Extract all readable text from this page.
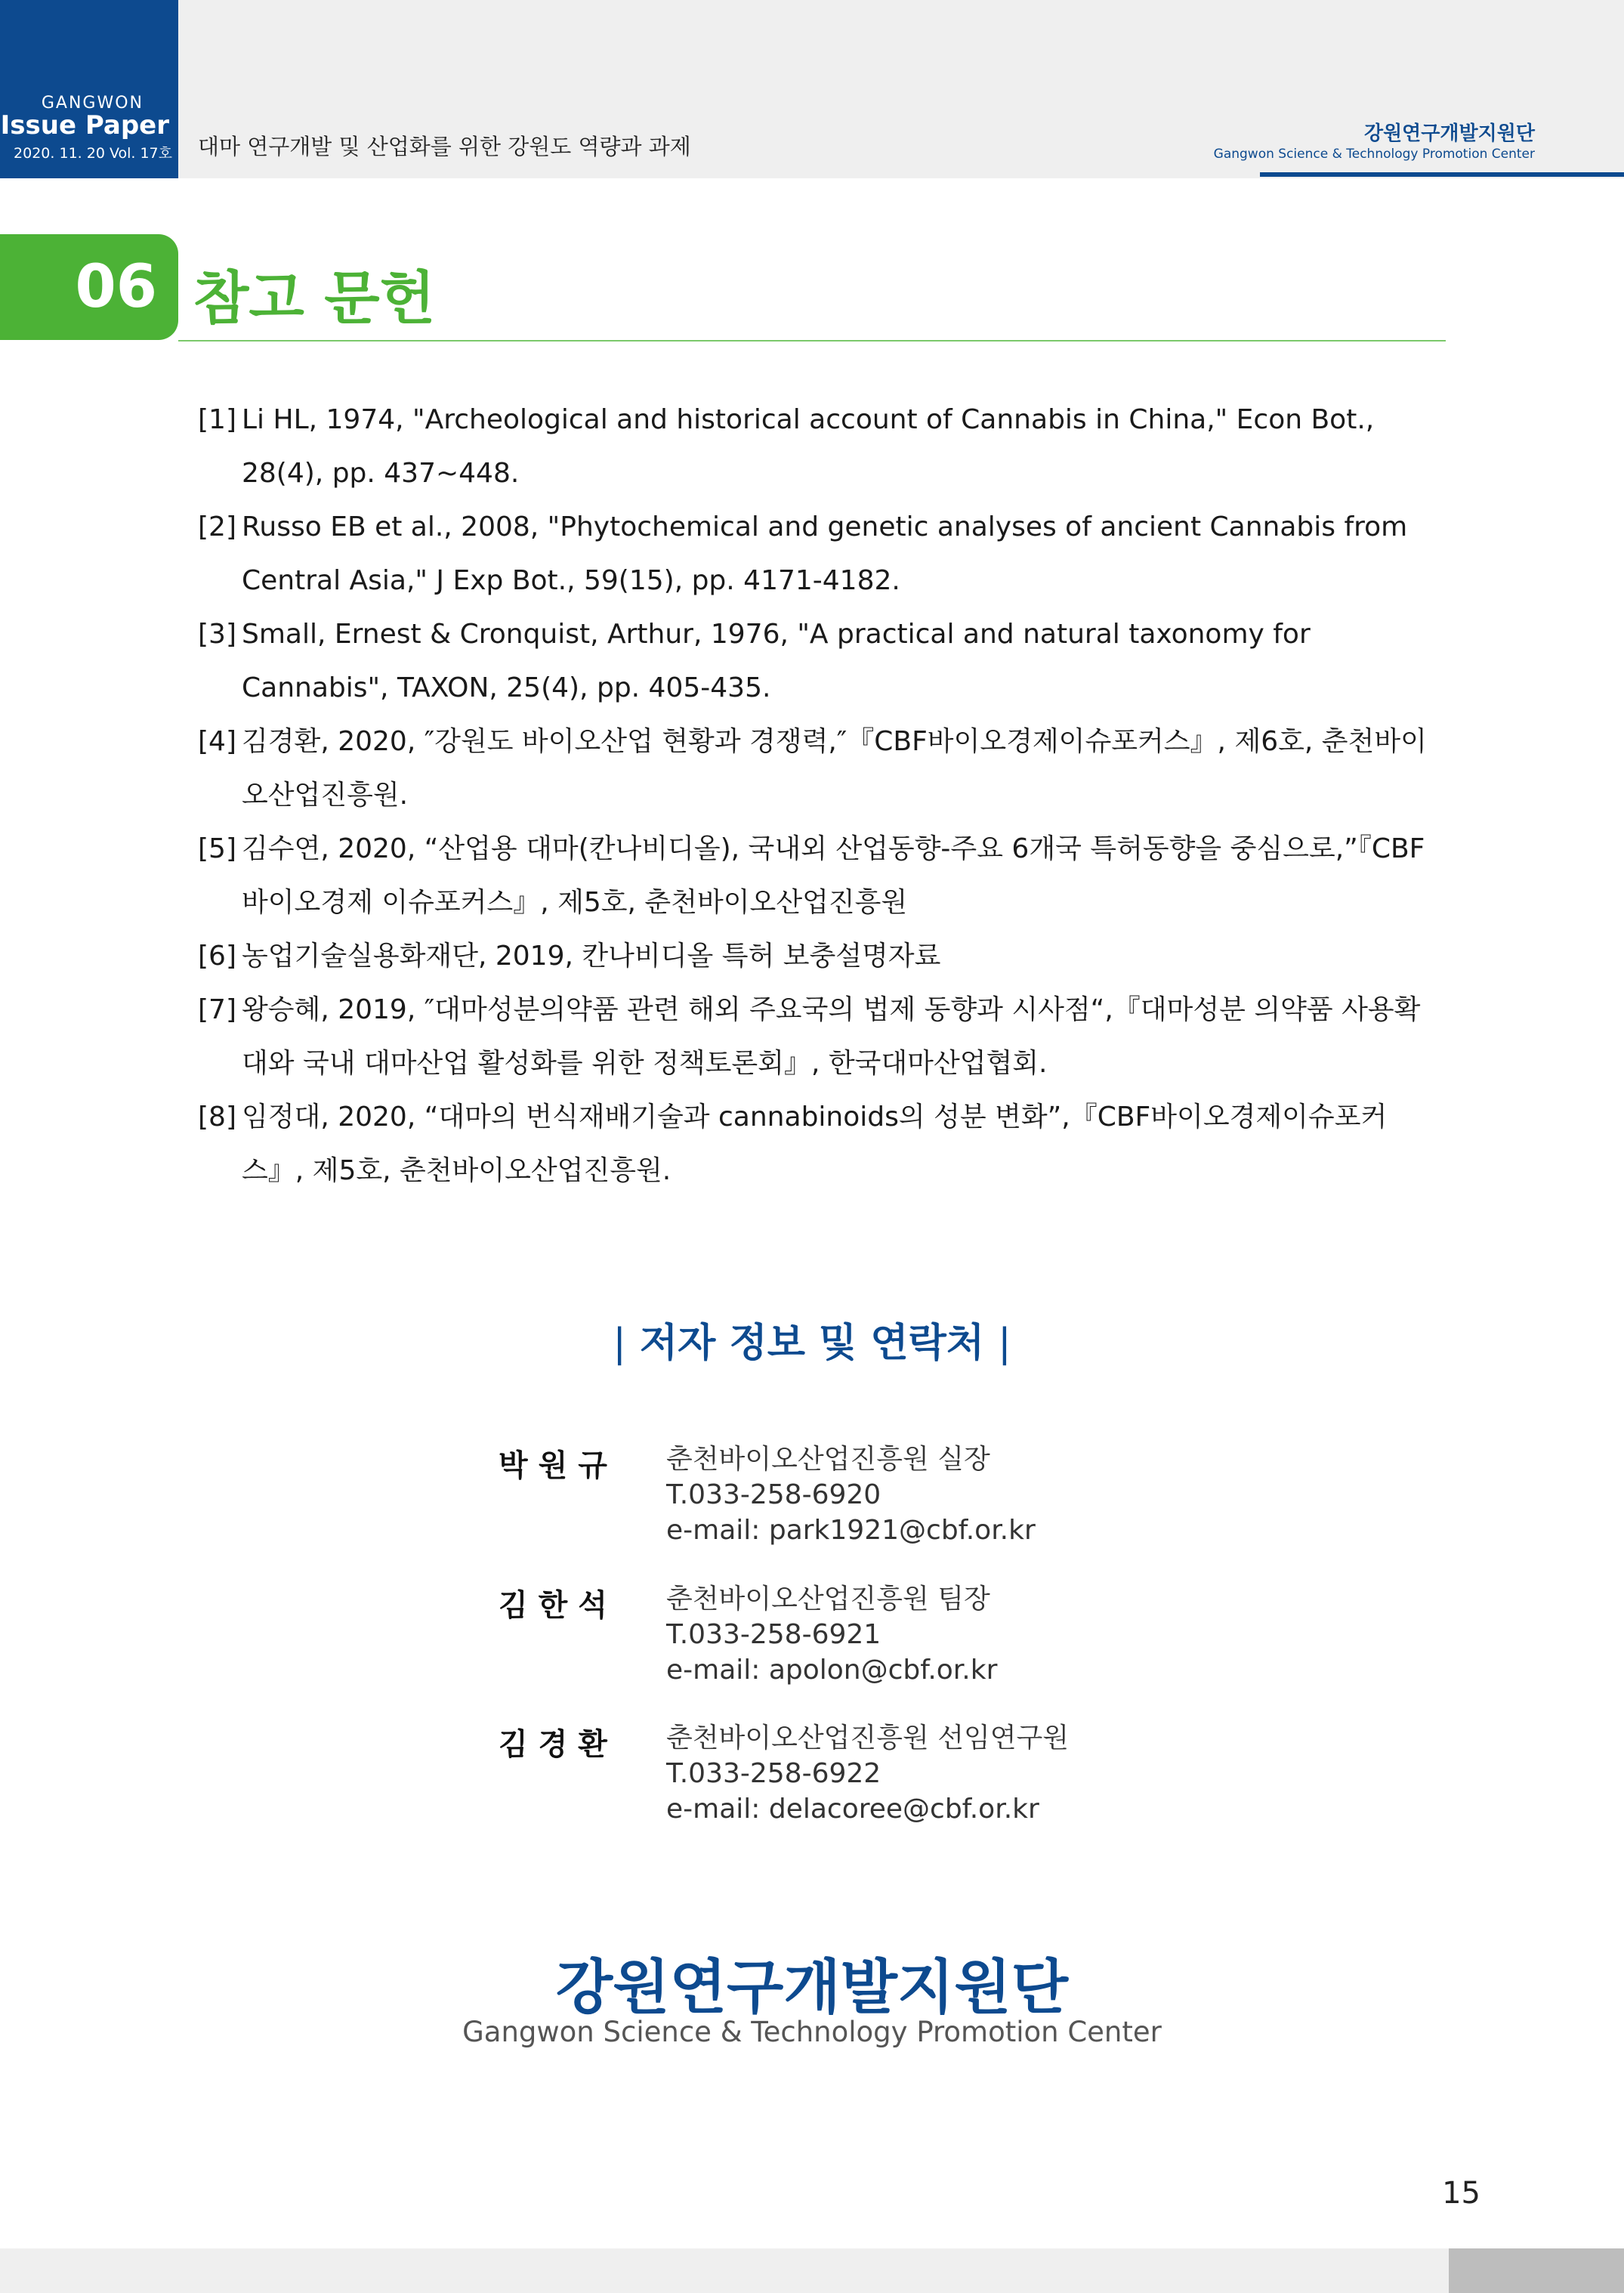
GANGWON
Issue Paper
2020. 11. 20 Vol. 17호 대마 연구개발 및 산업화를 위한 강원도 역량과 과제	강원연구개발지원단
Gangwon Science & Technology Promotion Center
06 참고 문헌
[1] Li HL, 1974, "Archeological and historical account of Cannabis in China," Econ Bot., 28(4), pp. 437~448.
[2] Russo EB et al., 2008, "Phytochemical and genetic analyses of ancient Cannabis from Central Asia," J Exp Bot., 59(15), pp. 4171-4182.
[3] Small, Ernest & Cronquist, Arthur, 1976, "A practical and natural taxonomy for Cannabis", TAXON, 25(4), pp. 405-435.
[4] 김경환, 2020, ″강원도 바이오산업 현황과 경쟁력,″『CBF바이오경제이슈포커스』, 제6호, 춘천바이오산업진흥원.
[5] 김수연, 2020, “산업용 대마(칸나비디올), 국내외 산업동향-주요 6개국 특허동향을 중심으로,”『CBF바이오경제 이슈포커스』, 제5호, 춘천바이오산업진흥원
[6] 농업기술실용화재단, 2019, 칸나비디올 특허 보충설명자료
[7] 왕승혜, 2019, ″대마성분의약품 관련 해외 주요국의 법제 동향과 시사점“,『대마성분 의약품 사용확대와 국내 대마산업 활성화를 위한 정책토론회』, 한국대마산업협회.
[8] 임정대, 2020, “대마의 번식재배기술과 cannabinoids의 성분 변화”,『CBF바이오경제이슈포커스』, 제5호, 춘천바이오산업진흥원.
| 저자 정보 및 연락처 |
박원규	춘천바이오산업진흥원 실장
T.033-258-6920
e-mail: park1921@cbf.or.kr
김한석	춘천바이오산업진흥원 팀장
T.033-258-6921
e-mail: apolon@cbf.or.kr
김경환	춘천바이오산업진흥원 선임연구원
T.033-258-6922
e-mail: delacoree@cbf.or.kr
강원연구개발지원단
Gangwon Science & Technology Promotion Center
15
